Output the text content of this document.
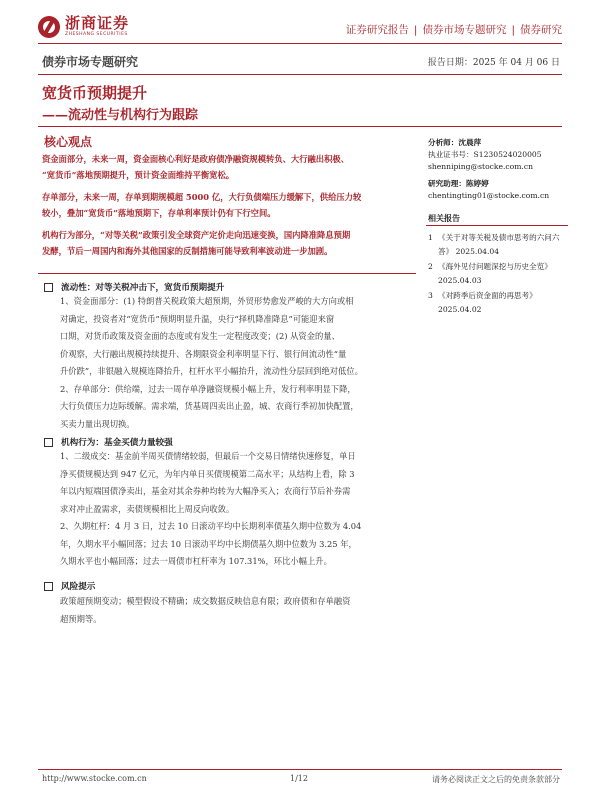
浙商证券
ZHESHANG SECURITIES	证券研究报告 | 债券市场专题研究 | 债券研究
债券市场专题研究	报告日期：2025 年 04 月 06 日
宽货币预期提升
——流动性与机构行为跟踪
核心观点
资金面部分，未来一周，资金面核心利好是政府债净融资规模转负、大行融出积极、
“宽货币”落地预期提升，预计资金面维持平衡宽松。
存单部分，未来一周，存单到期规模超 5000 亿，大行负债端压力缓解下，供给压力较
较小，叠加“宽货币”落地预期下，存单利率预计仍有下行空间。
机构行为部分，“对等关税”政策引发全球资产定价走向迅速变换，国内降准降息预期
发酵，节后一周国内和海外其他国家的反制措施可能导致利率波动进一步加剧。
流动性：对等关税冲击下，宽货币预期提升
1、资金面部分：(1) 特朗普关税政策大超预期，外贸形势愈发严峻的大方向或相
对确定，投资者对“宽货币”预期明显升温，央行“择机降准降息”可能迎来窗
口期，对货币政策及资金面的态度或有发生一定程度改变；(2) 从资金的量、
价观察，大行融出规模持续提升、各期限资金利率明显下行、银行间流动性“量
升价跌”，非银融入规模连降抬升，杠杆水平小幅抬升，流动性分层回到绝对低位。
2、存单部分：供给端，过去一周存单净融资规模小幅上升，发行利率明显下降，
大行负债压力边际缓解。需求端，货基周四卖出止盈，城、农商行季初加快配置，
买卖力量出现切换。
机构行为：基金买债力量较强
1、二级成交：基金前半周买债情绪较弱，但最后一个交易日情绪快速修复，单日
净买债规模达到 947 亿元，为年内单日买债规模第二高水平；从结构上看，除 3
年以内短端国债净卖出，基金对其余券种均转为大幅净买入；农商行节后补券需
求对冲止盈需求，卖债规模相比上周反向收敛。
2、久期杠杆：4 月 3 日，过去 10 日滚动平均中长期利率债基久期中位数为 4.04
年，久期水平小幅回落；过去 10 日滚动平均中长期债基久期中位数为 3.25 年，
久期水平也小幅回落；过去一周债市杠杆率为 107.31%，环比小幅上升。
风险提示
政策超预期变动；模型假设不精确；成交数据反映信息有限；政府债和存单融资
超预期等。
分析师：沈晨萍
执业证书号：S1230524020005
shenniping@stocke.com.cn
研究助理：陈婷婷
chentingting01@stocke.com.cn
相关报告
1 《关于对等关税及债市思考的六问六答》 2025.04.04
2 《海外见付问题深挖与历史全览》 2025.04.03
3 《对跨季后资金面的再思考》 2025.04.02
http://www.stocke.com.cn	1/12	请务必阅读正文之后的免责条款部分
